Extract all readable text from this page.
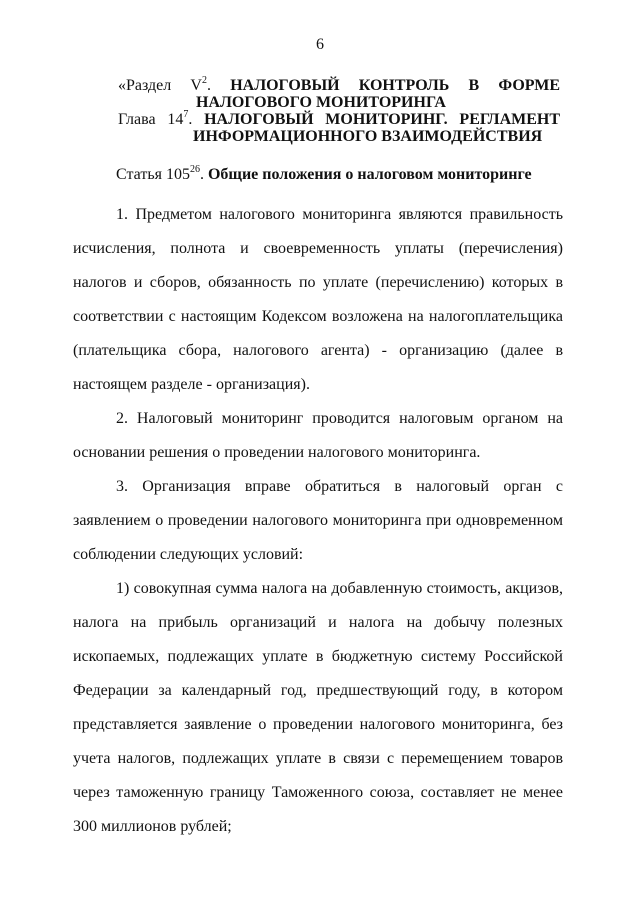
6
«Раздел $V^2$. НАЛОГОВЫЙ КОНТРОЛЬ В ФОРМЕ
НАЛОГОВОГО МОНИТОРИНГА
Глава $14^7$. НАЛОГОВЫЙ МОНИТОРИНГ. РЕГЛАМЕНТ
ИНФОРМАЦИОННОГО ВЗАИМОДЕЙСТВИЯ
Статья $105^{26}$. Общие положения о налоговом мониторинге

1. Предметом налогового мониторинга являются правильность исчисления, полнота и своевременность уплаты (перечисления) налогов и сборов, обязанность по уплате (перечислению) которых в соответствии с настоящим Кодексом возложена на налогоплательщика (плательщика сбора, налогового агента) - организацию (далее в настоящем разделе - организация).

2. Налоговый мониторинг проводится налоговым органом на основании решения о проведении налогового мониторинга.

3. Организация вправе обратиться в налоговый орган с заявлением о проведении налогового мониторинга при одновременном соблюдении следующих условий:

1) совокупная сумма налога на добавленную стоимость, акцизов, налога на прибыль организаций и налога на добычу полезных ископаемых, подлежащих уплате в бюджетную систему Российской Федерации за календарный год, предшествующий году, в котором представляется заявление о проведении налогового мониторинга, без учета налогов, подлежащих уплате в связи с перемещением товаров через таможенную границу Таможенного союза, составляет не менее 300 миллионов рублей;
